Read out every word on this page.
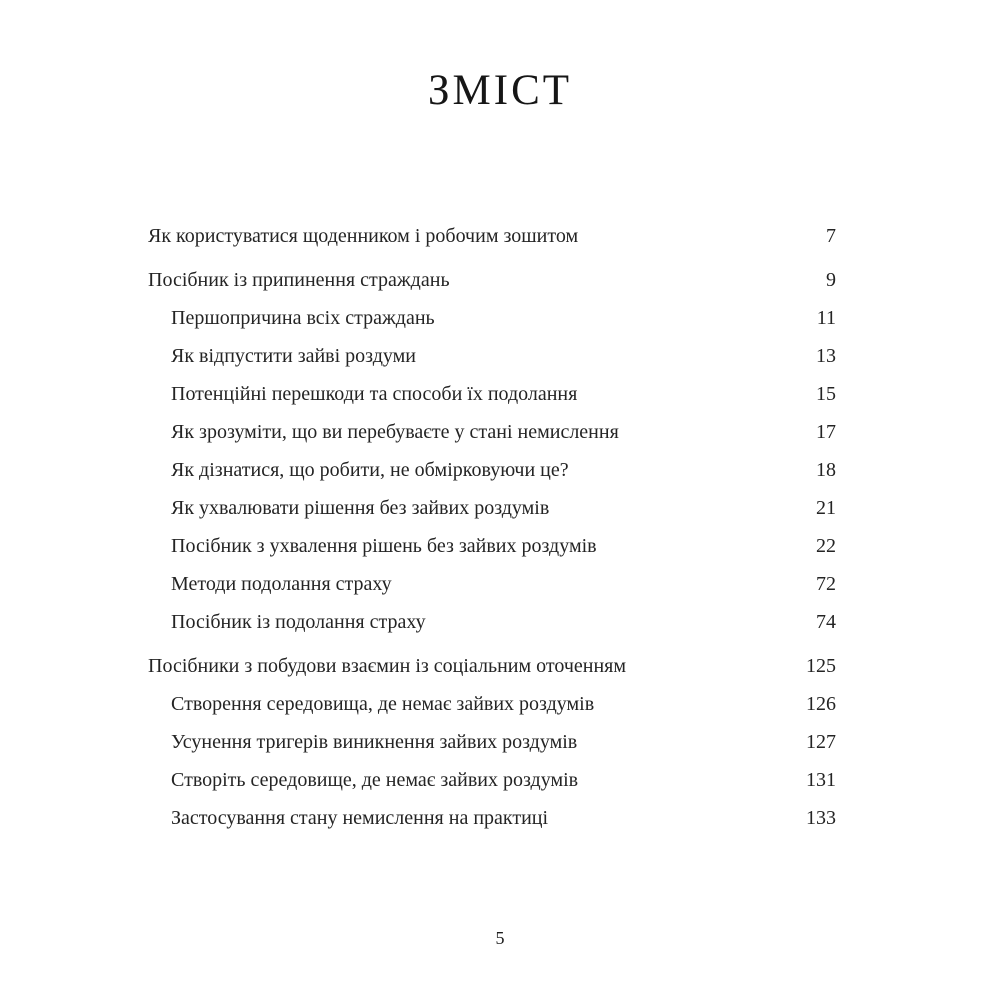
ЗМІСТ
Як користуватися щоденником і робочим зошитом	7
Посібник із припинення страждань	9
Першопричина всіх страждань	11
Як відпустити зайві роздуми	13
Потенційні перешкоди та способи їх подолання	15
Як зрозуміти, що ви перебуваєте у стані немислення	17
Як дізнатися, що робити, не обмірковуючи це?	18
Як ухвалювати рішення без зайвих роздумів	21
Посібник з ухвалення рішень без зайвих роздумів	22
Методи подолання страху	72
Посібник із подолання страху	74
Посібники з побудови взаємин із соціальним оточенням	125
Створення середовища, де немає зайвих роздумів	126
Усунення тригерів виникнення зайвих роздумів	127
Створіть середовище, де немає зайвих роздумів	131
Застосування стану немислення на практиці	133
5
